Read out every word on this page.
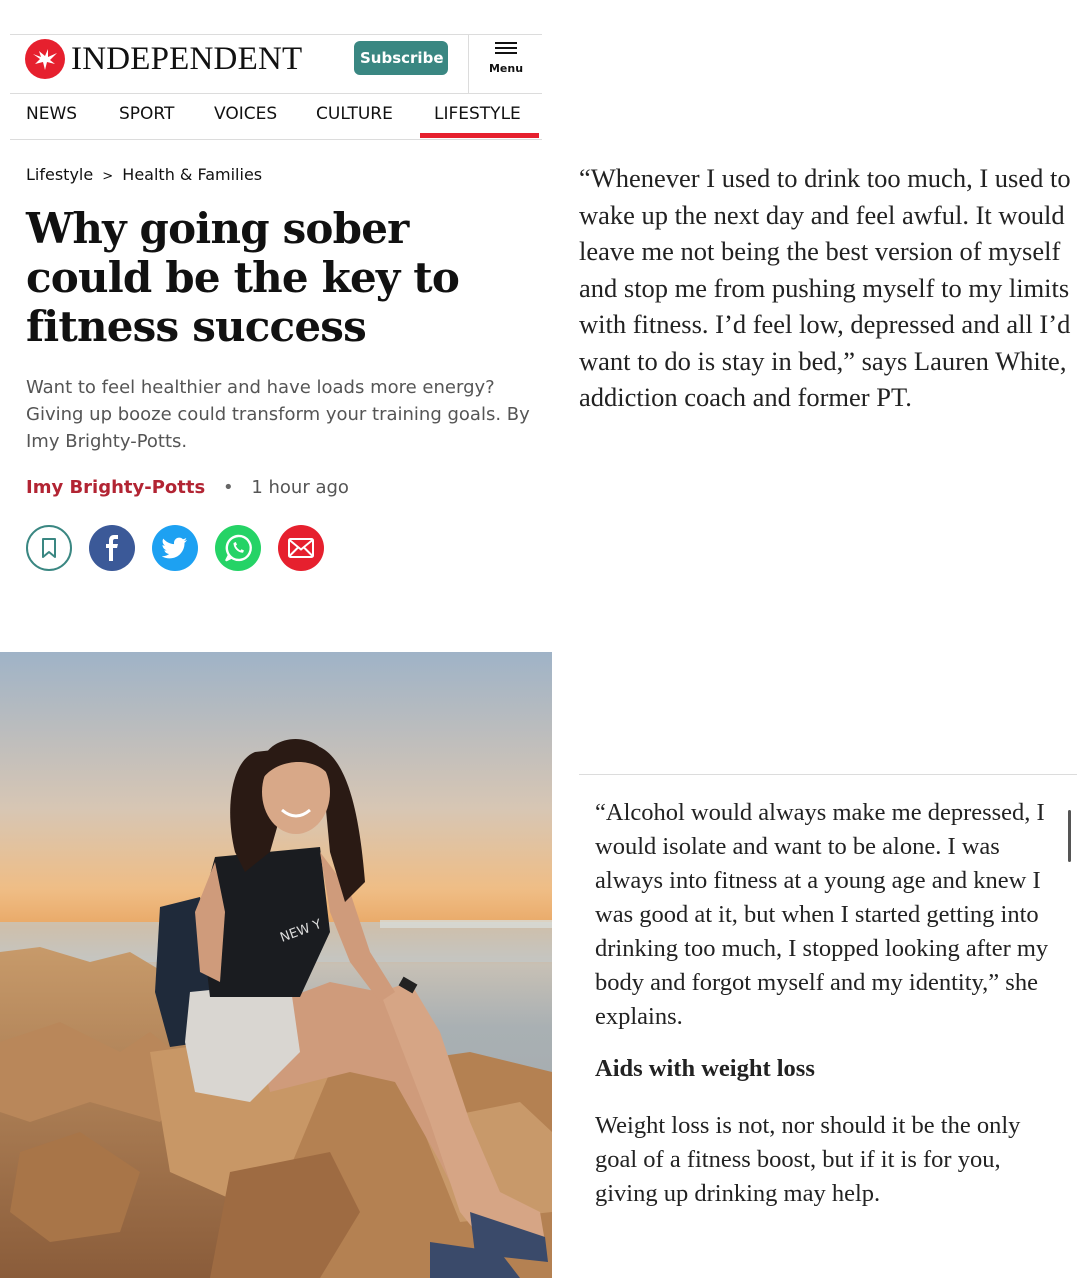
INDEPENDENT	Subscribe
Menu
NEWS SPORT VOICES CULTURE LIFESTYLE
Lifestyle > Health & Families
Why going sober could be the key to fitness success

Want to feel healthier and have loads more energy? Giving up booze could transform your training goals. By Imy Brighty-Potts.

Imy Brighty-Potts • 1 hour ago
NEW Y

“Whenever I used to drink too much, I used to wake up the next day and feel awful. It would leave me not being the best version of myself and stop me from pushing myself to my limits with fitness. I’d feel low, depressed and all I’d want to do is stay in bed,” says Lauren White, addiction coach and former PT.

“Alcohol would always make me depressed, I would isolate and want to be alone. I was always into fitness at a young age and knew I was good at it, but when I started getting into drinking too much, I stopped looking after my body and forgot myself and my identity,” she explains.

Aids with weight loss

Weight loss is not, nor should it be the only goal of a fitness boost, but if it is for you, giving up drinking may help.
